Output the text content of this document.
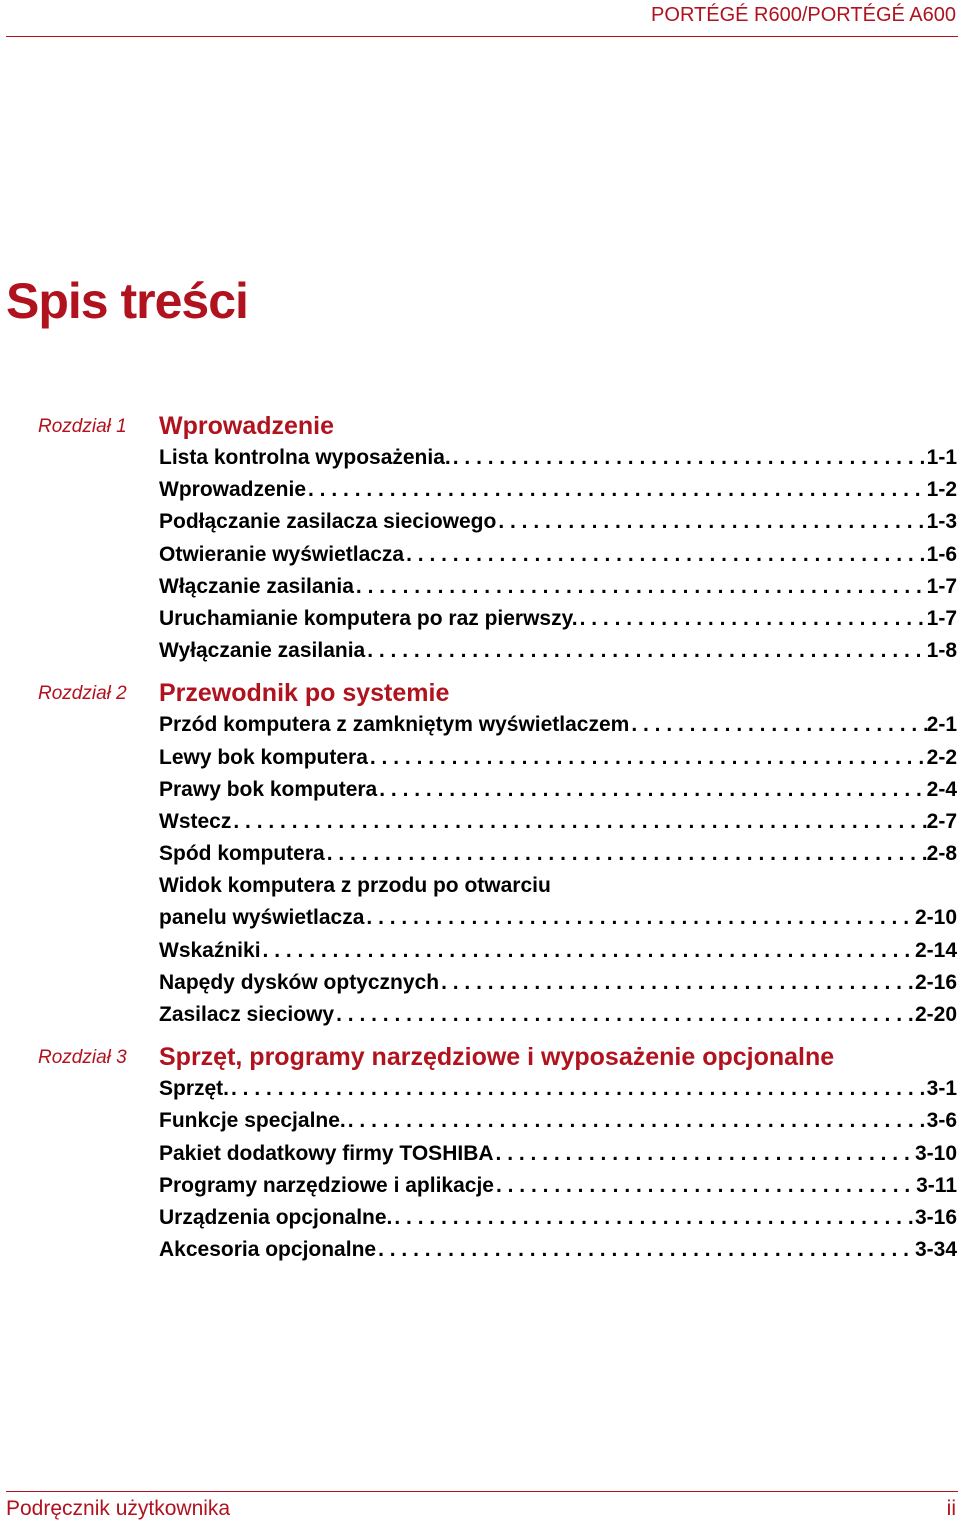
PORTÉGÉ R600/PORTÉGÉ A600
Spis treści
Rozdział 1 Wprowadzenie
Lista kontrolna wyposażenia. . . .	1-1
Wprowadzenie . . .	1-2
Podłączanie zasilacza sieciowego . . .	1-3
Otwieranie wyświetlacza . . .	1-6
Włączanie zasilania . . .	1-7
Uruchamianie komputera po raz pierwszy. . . .	1-7
Wyłączanie zasilania . . .	1-8
Rozdział 2 Przewodnik po systemie
Przód komputera z zamkniętym wyświetlaczem . . .	2-1
Lewy bok komputera . . .	2-2
Prawy bok komputera . . .	2-4
Wstecz . . .	2-7
Spód komputera . . .	2-8
Widok komputera z przodu po otwarciu
panelu wyświetlacza . . .	2-10
Wskaźniki . . .	2-14
Napędy dysków optycznych . . .	2-16
Zasilacz sieciowy . . .	2-20
Rozdział 3 Sprzęt, programy narzędziowe i wyposażenie opcjonalne
Sprzęt. . . .	3-1
Funkcje specjalne. . . .	3-6
Pakiet dodatkowy firmy TOSHIBA . . .	3-10
Programy narzędziowe i aplikacje . . .	3-11
Urządzenia opcjonalne. . . .	3-16
Akcesoria opcjonalne . . .	3-34
Podręcznik użytkownika	ii
